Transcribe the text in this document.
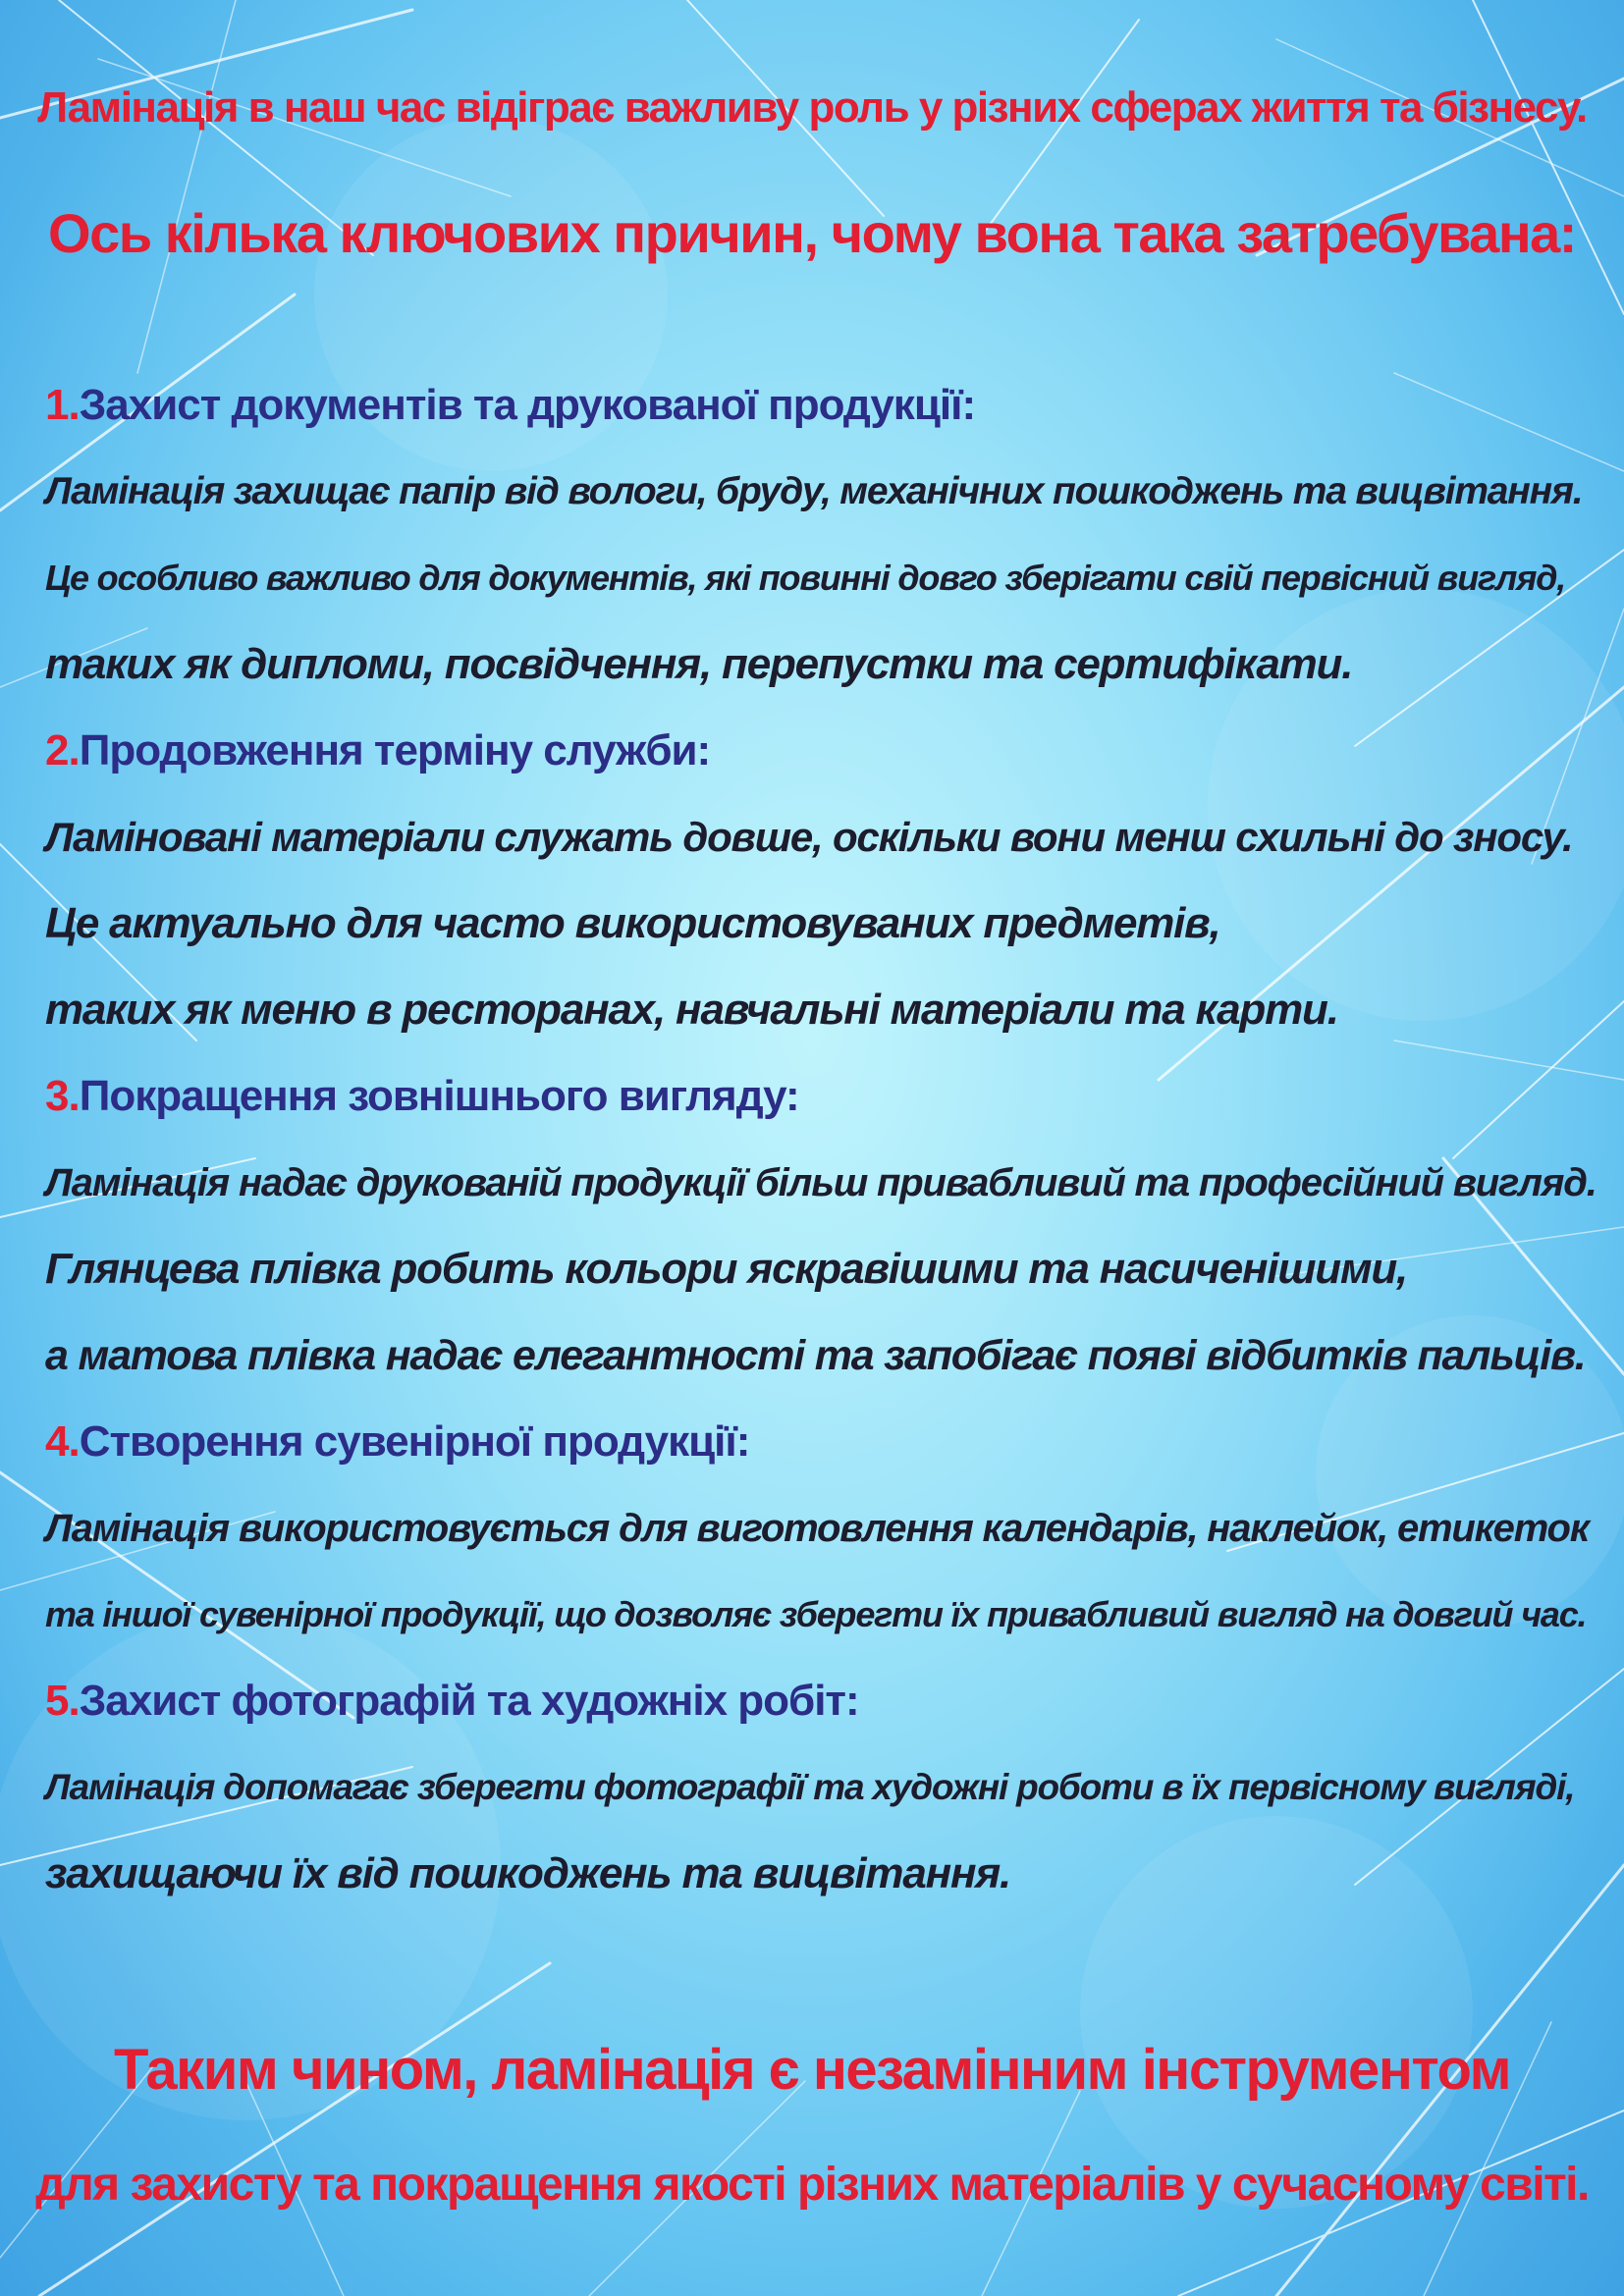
Ламінація в наш час відіграє важливу роль у різних сферах життя та бізнесу.
Ось кілька ключових причин, чому вона така затребувана:
1.Захист документів та друкованої продукції:
Ламінація захищає папір від вологи, бруду, механічних пошкоджень та вицвітання.
Це особливо важливо для документів, які повинні довго зберігати свій первісний вигляд,
таких як дипломи, посвідчення, перепустки та сертифікати.
2.Продовження терміну служби:
Ламіновані матеріали служать довше, оскільки вони менш схильні до зносу.
Це актуально для часто використовуваних предметів,
таких як меню в ресторанах, навчальні матеріали та карти.
3.Покращення зовнішнього вигляду:
Ламінація надає друкованій продукції більш привабливий та професійний вигляд.
Глянцева плівка робить кольори яскравішими та насиченішими,
а матова плівка надає елегантності та запобігає появі відбитків пальців.
4.Створення сувенірної продукції:
Ламінація використовується для виготовлення календарів, наклейок, етикеток
та іншої сувенірної продукції, що дозволяє зберегти їх привабливий вигляд на довгий час.
5.Захист фотографій та художніх робіт:
Ламінація допомагає зберегти фотографії та художні роботи в їх первісному вигляді,
захищаючи їх від пошкоджень та вицвітання.
Таким чином, ламінація є незамінним інструментом
для захисту та покращення якості різних матеріалів у сучасному світі.
